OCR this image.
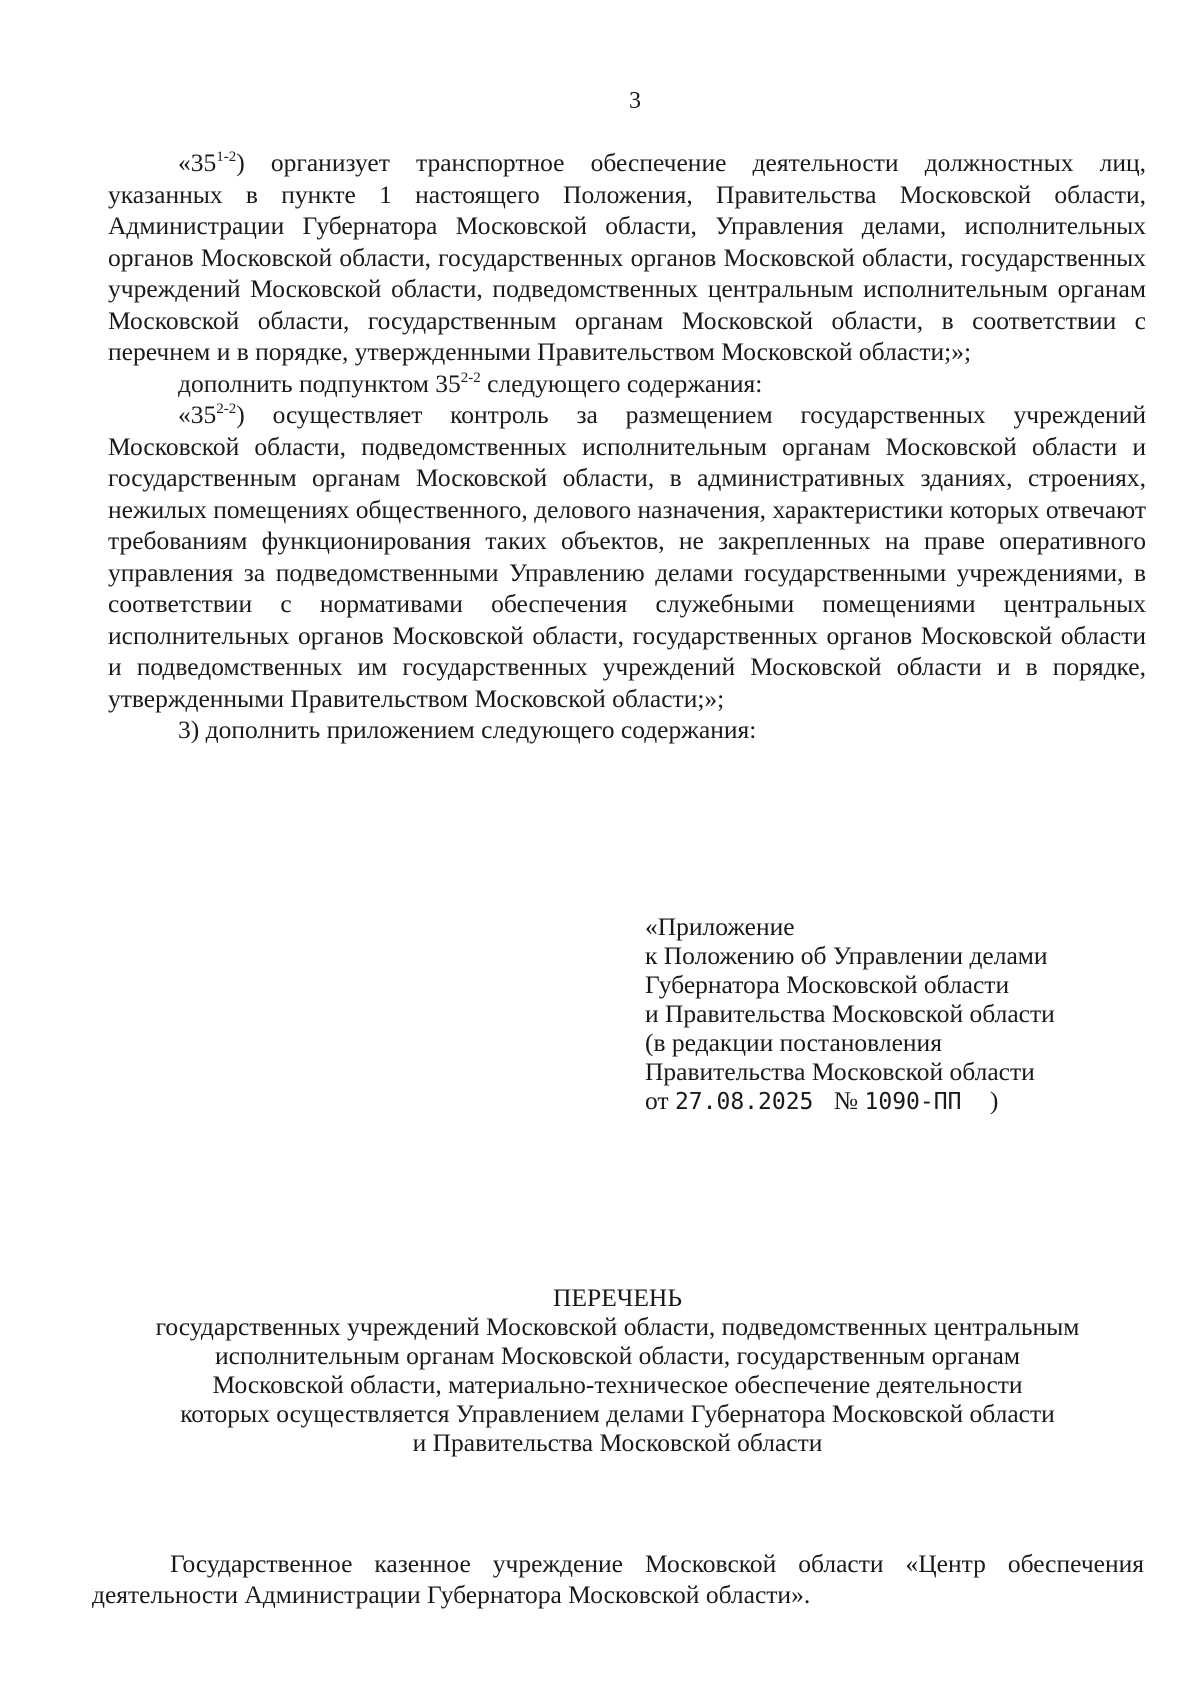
3

«35$^{1-2}$) организует транспортное обеспечение деятельности должностных лиц, указанных в пункте 1 настоящего Положения, Правительства Московской области, Администрации Губернатора Московской области, Управления делами, исполнительных органов Московской области, государственных органов Московской области, государственных учреждений Московской области, подведомственных центральным исполнительным органам Московской области, государственным органам Московской области, в соответствии с перечнем и в порядке, утвержденными Правительством Московской области;»;

дополнить подпунктом 35$^{2-2}$ следующего содержания:

«35$^{2-2}$) осуществляет контроль за размещением государственных учреждений Московской области, подведомственных исполнительным органам Московской области и государственным органам Московской области, в административных зданиях, строениях, нежилых помещениях общественного, делового назначения, характеристики которых отвечают требованиям функционирования таких объектов, не закрепленных на праве оперативного управления за подведомственными Управлению делами государственными учреждениями, в соответствии с нормативами обеспечения служебными помещениями центральных исполнительных органов Московской области, государственных органов Московской области и подведомственных им государственных учреждений Московской области и в порядке, утвержденными Правительством Московской области;»;

3) дополнить приложением следующего содержания:

«Приложение
к Положению об Управлении делами
Губернатора Московской области
и Правительства Московской области
(в редакции постановления
Правительства Московской области
от 27.08.2025 № 1090-ПП )
ПЕРЕЧЕНЬ
государственных учреждений Московской области, подведомственных центральным
исполнительным органам Московской области, государственным органам
Московской области, материально-техническое обеспечение деятельности
которых осуществляется Управлением делами Губернатора Московской области
и Правительства Московской области

Государственное казенное учреждение Московской области «Центр обеспечения деятельности Администрации Губернатора Московской области».
